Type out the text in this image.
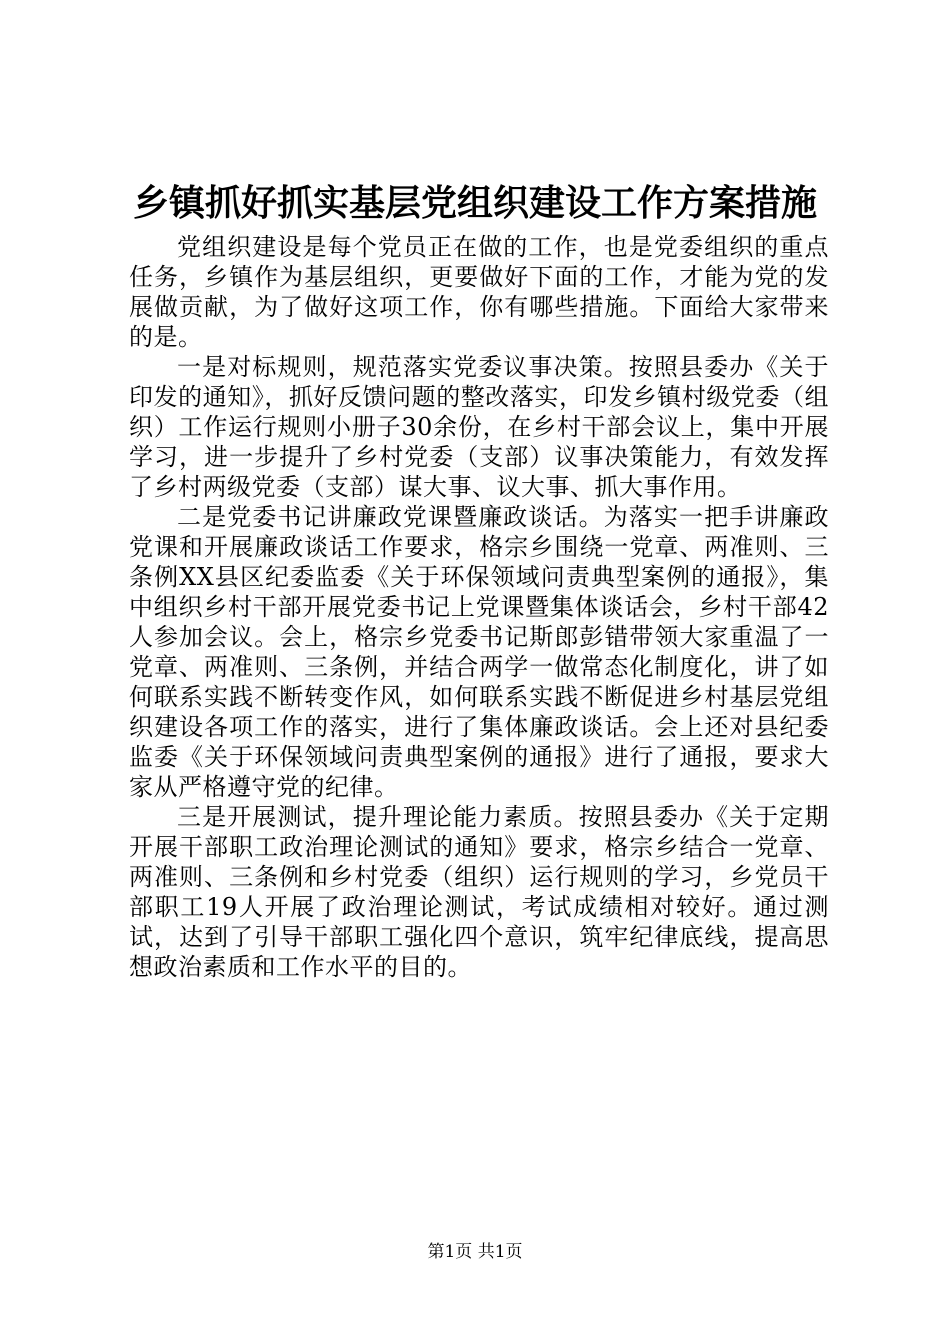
乡镇抓好抓实基层党组织建设工作方案措施

党组织建设是每个党员正在做的工作，也是党委组织的重点任务，乡镇作为基层组织，更要做好下面的工作，才能为党的发展做贡献，为了做好这项工作，你有哪些措施。下面给大家带来的是。

一是对标规则，规范落实党委议事决策。按照县委办《关于印发的通知》，抓好反馈问题的整改落实，印发乡镇村级党委（组织）工作运行规则小册子30余份，在乡村干部会议上，集中开展学习，进一步提升了乡村党委（支部）议事决策能力，有效发挥了乡村两级党委（支部）谋大事、议大事、抓大事作用。

二是党委书记讲廉政党课暨廉政谈话。为落实一把手讲廉政党课和开展廉政谈话工作要求，格宗乡围绕一党章、两准则、三条例XX县区纪委监委《关于环保领域问责典型案例的通报》，集中组织乡村干部开展党委书记上党课暨集体谈话会，乡村干部42人参加会议。会上，格宗乡党委书记斯郎彭错带领大家重温了一党章、两准则、三条例，并结合两学一做常态化制度化，讲了如何联系实践不断转变作风，如何联系实践不断促进乡村基层党组织建设各项工作的落实，进行了集体廉政谈话。会上还对县纪委监委《关于环保领域问责典型案例的通报》进行了通报，要求大家从严格遵守党的纪律。

三是开展测试，提升理论能力素质。按照县委办《关于定期开展干部职工政治理论测试的通知》要求，格宗乡结合一党章、两准则、三条例和乡村党委（组织）运行规则的学习，乡党员干部职工19人开展了政治理论测试，考试成绩相对较好。通过测试，达到了引导干部职工强化四个意识，筑牢纪律底线，提高思想政治素质和工作水平的目的。

第1页 共1页
